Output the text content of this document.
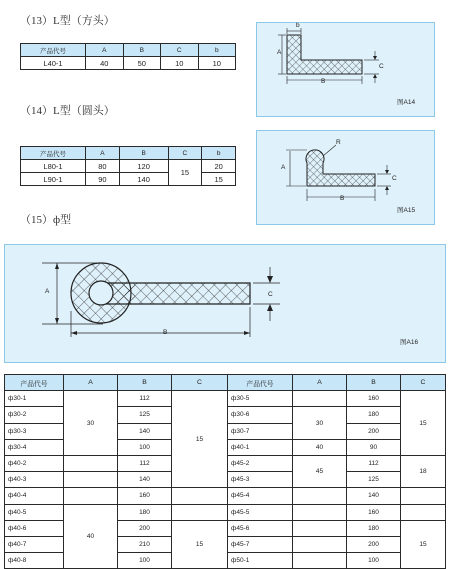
（13）L型（方头）
产品代号	A	B	C	b
L40-1	40	50	10	10
b
A
B
C
图A14
（14）L型（圆头）
产品代号	A	B	C	b
L80-1	80	120	15	20
L90-1	90	140		15
A
R
B
C
图A15
（15）ф型
A
B
C
图A16
产品代号	A	B	C	产品代号	A	B	C
ф30-1	30	112	15	ф30-5		160	15
ф30-2		125		ф30-6	30	180	
ф30-3		140		ф30-7		200	
ф30-4		100		ф40-1	40	90	
ф40-2		112		ф45-2	45	112	18
ф40-3		140		ф45-3		125	
ф40-4		160		ф45-4		140	
ф40-5	40	180		ф45-5		160	
ф40-6		200	15	ф45-6		180	15
ф40-7		210		ф45-7		200	
ф40-8		100		ф50-1		100	
